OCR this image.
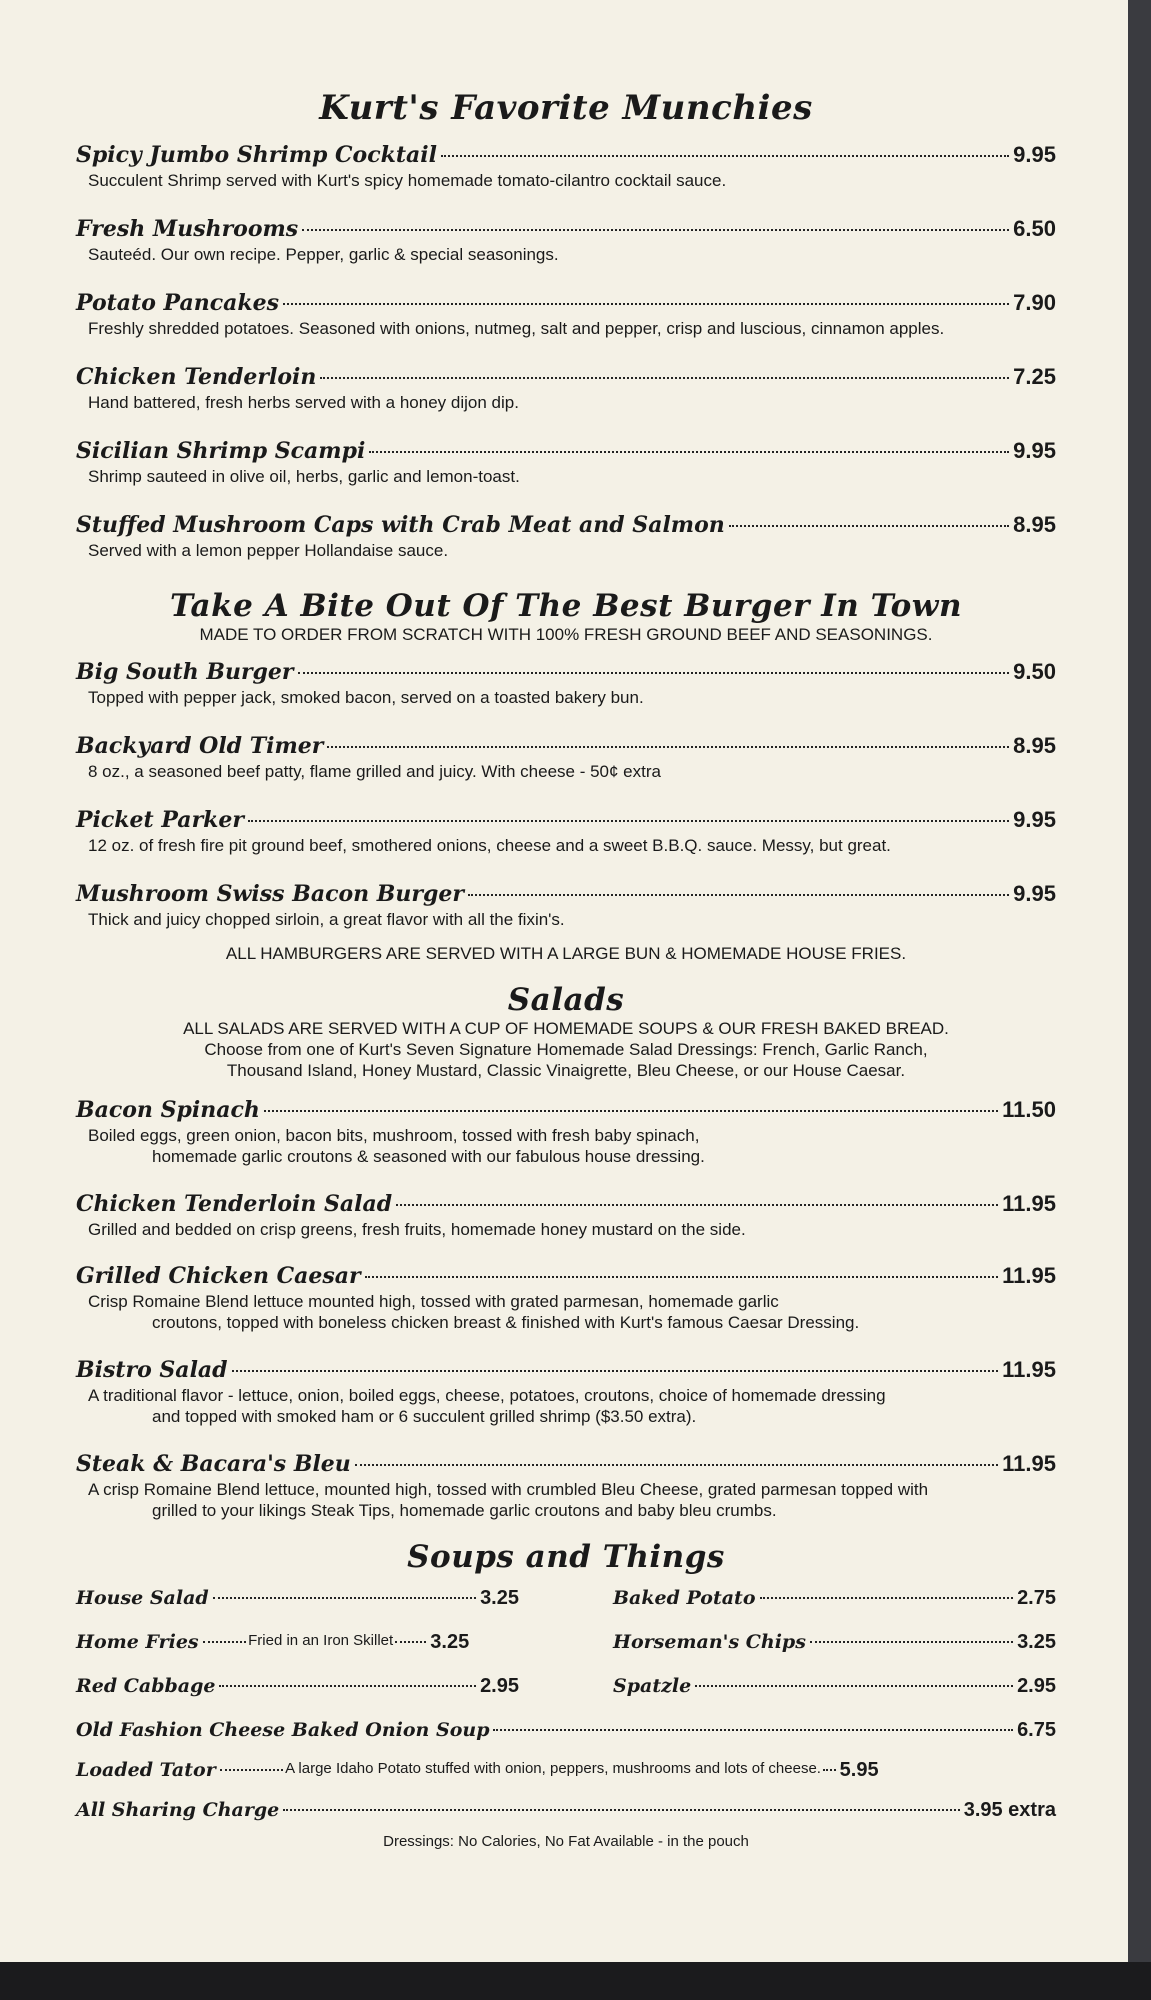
Kurt's Favorite Munchies
Spicy Jumbo Shrimp Cocktail	9.95
Succulent Shrimp served with Kurt's spicy homemade tomato-cilantro cocktail sauce.
Fresh Mushrooms	6.50
Sauteéd. Our own recipe. Pepper, garlic & special seasonings.
Potato Pancakes	7.90
Freshly shredded potatoes. Seasoned with onions, nutmeg, salt and pepper, crisp and luscious, cinnamon apples.
Chicken Tenderloin	7.25
Hand battered, fresh herbs served with a honey dijon dip.
Sicilian Shrimp Scampi	9.95
Shrimp sauteed in olive oil, herbs, garlic and lemon-toast.
Stuffed Mushroom Caps with Crab Meat and Salmon	8.95
Served with a lemon pepper Hollandaise sauce.
Take A Bite Out Of The Best Burger In Town

MADE TO ORDER FROM SCRATCH WITH 100% FRESH GROUND BEEF AND SEASONINGS.

Big South Burger	9.50
Topped with pepper jack, smoked bacon, served on a toasted bakery bun.
Backyard Old Timer	8.95
8 oz., a seasoned beef patty, flame grilled and juicy. With cheese - 50¢ extra
Picket Parker	9.95
12 oz. of fresh fire pit ground beef, smothered onions, cheese and a sweet B.B.Q. sauce. Messy, but great.
Mushroom Swiss Bacon Burger	9.95
Thick and juicy chopped sirloin, a great flavor with all the fixin's.

ALL HAMBURGERS ARE SERVED WITH A LARGE BUN & HOMEMADE HOUSE FRIES.

Salads

ALL SALADS ARE SERVED WITH A CUP OF HOMEMADE SOUPS & OUR FRESH BAKED BREAD.

Choose from one of Kurt's Seven Signature Homemade Salad Dressings: French, Garlic Ranch,

Thousand Island, Honey Mustard, Classic Vinaigrette, Bleu Cheese, or our House Caesar.

Bacon Spinach	11.50
Boiled eggs, green onion, bacon bits, mushroom, tossed with fresh baby spinach,
homemade garlic croutons & seasoned with our fabulous house dressing.
Chicken Tenderloin Salad	11.95
Grilled and bedded on crisp greens, fresh fruits, homemade honey mustard on the side.
Grilled Chicken Caesar	11.95
Crisp Romaine Blend lettuce mounted high, tossed with grated parmesan, homemade garlic
croutons, topped with boneless chicken breast & finished with Kurt's famous Caesar Dressing.
Bistro Salad	11.95
A traditional flavor - lettuce, onion, boiled eggs, cheese, potatoes, croutons, choice of homemade dressing
and topped with smoked ham or 6 succulent grilled shrimp ($3.50 extra).
Steak & Bacara's Bleu	11.95
A crisp Romaine Blend lettuce, mounted high, tossed with crumbled Bleu Cheese, grated parmesan topped with
grilled to your likings Steak Tips, homemade garlic croutons and baby bleu crumbs.
Soups and Things
House Salad	3.25
Home Fries	Fried in an Iron Skillet 3.25
Red Cabbage	2.95
Baked Potato	2.75
Horseman's Chips	3.25
Spatzle	2.95
Old Fashion Cheese Baked Onion Soup	6.75
Loaded Tator	A large Idaho Potato stuffed with onion, peppers, mushrooms and lots of cheese. 5.95
All Sharing Charge	3.95 extra
Dressings: No Calories, No Fat Available - in the pouch
